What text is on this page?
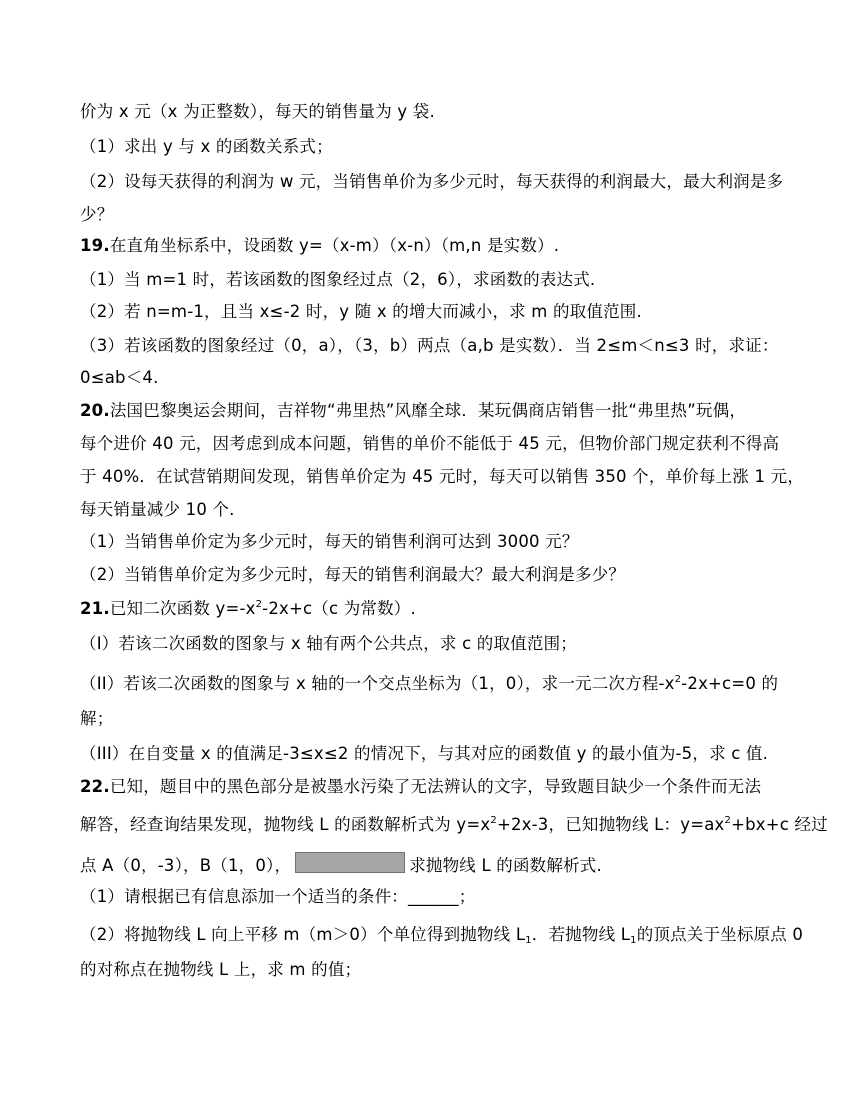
价为 x 元（x 为正整数），每天的销售量为 y 袋.
（1）求出 y 与 x 的函数关系式；
（2）设每天获得的利润为 w 元，当销售单价为多少元时，每天获得的利润最大，最大利润是多
少？
19.在直角坐标系中，设函数 y=（x-m）（x-n）（m,n 是实数）.
（1）当 m=1 时，若该函数的图象经过点（2，6），求函数的表达式.
（2）若 n=m-1，且当 x≤-2 时，y 随 x 的增大而减小，求 m 的取值范围.
（3）若该函数的图象经过（0，a），（3，b）两点（a,b 是实数）．当 2≤m＜n≤3 时，求证：
0≤ab＜4.
20.法国巴黎奥运会期间，吉祥物“弗里热”风靡全球．某玩偶商店销售一批“弗里热”玩偶，
每个进价 40 元，因考虑到成本问题，销售的单价不能低于 45 元，但物价部门规定获利不得高
于 40%．在试营销期间发现，销售单价定为 45 元时，每天可以销售 350 个，单价每上涨 1 元，
每天销量减少 10 个.
（1）当销售单价定为多少元时，每天的销售利润可达到 3000 元？
（2）当销售单价定为多少元时，每天的销售利润最大？最大利润是多少？
21.已知二次函数 $y=-x^2-2x+c(c$ 为常数）.
（I）若该二次函数的图象与 x 轴有两个公共点，求 c 的取值范围；
（II）若该二次函数的图象与 x 轴的一个交点坐标为（1，0），求一元二次方程$-x^2-2x+c=0$ 的
解；
（III）在自变量 x 的值满足-3≤x≤2 的情况下，与其对应的函数值 y 的最小值为-5，求 c 值.
22.已知，题目中的黑色部分是被墨水污染了无法辨认的文字，导致题目缺少一个条件而无法
解答，经查询结果发现，抛物线 L 的函数解析式为 $y=x^2+2x-3$，已知抛物线 L：$y=ax^2+bx+c$ 经过
点 A（0，-3），B（1，0），	求抛物线 L 的函数解析式.
（1）请根据已有信息添加一个适当的条件：______；
（2）将抛物线 L 向上平移 m（m＞0）个单位得到抛物线 $L_1$．若抛物线 $L_1$的顶点关于坐标原点 0
的对称点在抛物线 L 上，求 m 的值；
